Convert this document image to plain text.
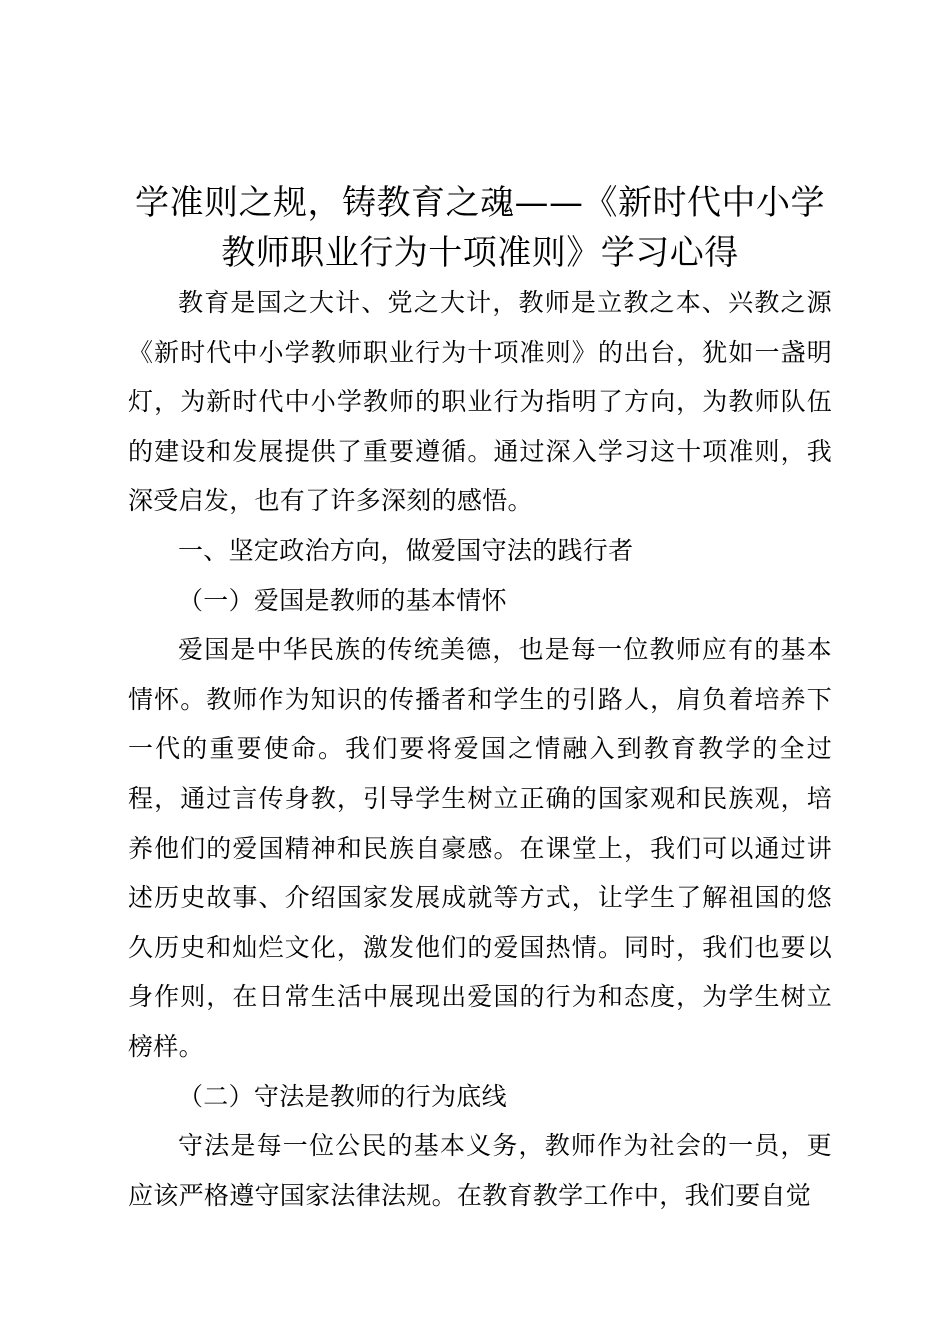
学准则之规，铸教育之魂——《新时代中小学
教师职业行为十项准则》学习心得

教育是国之大计、党之大计，教师是立教之本、兴教之源《新时代中小学教师职业行为十项准则》的出台，犹如一盏明灯，为新时代中小学教师的职业行为指明了方向，为教师队伍的建设和发展提供了重要遵循。通过深入学习这十项准则，我深受启发，也有了许多深刻的感悟。

一、坚定政治方向，做爱国守法的践行者

（一）爱国是教师的基本情怀

爱国是中华民族的传统美德，也是每一位教师应有的基本情怀。教师作为知识的传播者和学生的引路人，肩负着培养下一代的重要使命。我们要将爱国之情融入到教育教学的全过程，通过言传身教，引导学生树立正确的国家观和民族观，培养他们的爱国精神和民族自豪感。在课堂上，我们可以通过讲述历史故事、介绍国家发展成就等方式，让学生了解祖国的悠久历史和灿烂文化，激发他们的爱国热情。同时，我们也要以身作则，在日常生活中展现出爱国的行为和态度，为学生树立榜样。

（二）守法是教师的行为底线

守法是每一位公民的基本义务，教师作为社会的一员，更应该严格遵守国家法律法规。在教育教学工作中，我们要自觉
